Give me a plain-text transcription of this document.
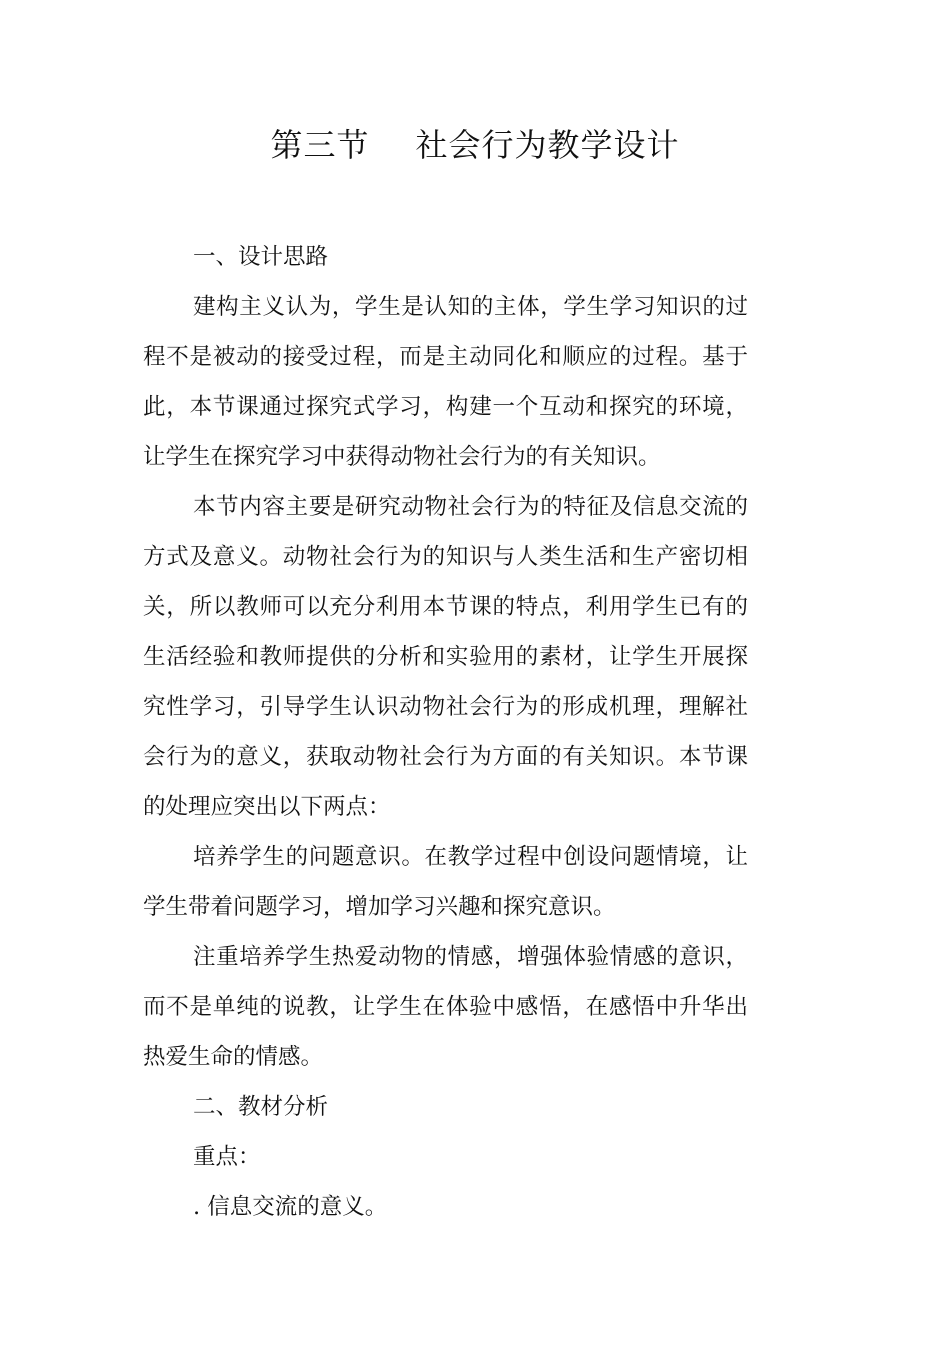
第三节 社会行为教学设计

一、设计思路

建构主义认为，学生是认知的主体，学生学习知识的过程不是被动的接受过程，而是主动同化和顺应的过程。基于此，本节课通过探究式学习，构建一个互动和探究的环境，让学生在探究学习中获得动物社会行为的有关知识。

本节内容主要是研究动物社会行为的特征及信息交流的方式及意义。动物社会行为的知识与人类生活和生产密切相关，所以教师可以充分利用本节课的特点，利用学生已有的生活经验和教师提供的分析和实验用的素材，让学生开展探究性学习，引导学生认识动物社会行为的形成机理，理解社会行为的意义，获取动物社会行为方面的有关知识。本节课的处理应突出以下两点：

培养学生的问题意识。在教学过程中创设问题情境，让学生带着问题学习，增加学习兴趣和探究意识。

注重培养学生热爱动物的情感，增强体验情感的意识，而不是单纯的说教，让学生在体验中感悟，在感悟中升华出热爱生命的情感。

二、教材分析

重点：

. 信息交流的意义。
